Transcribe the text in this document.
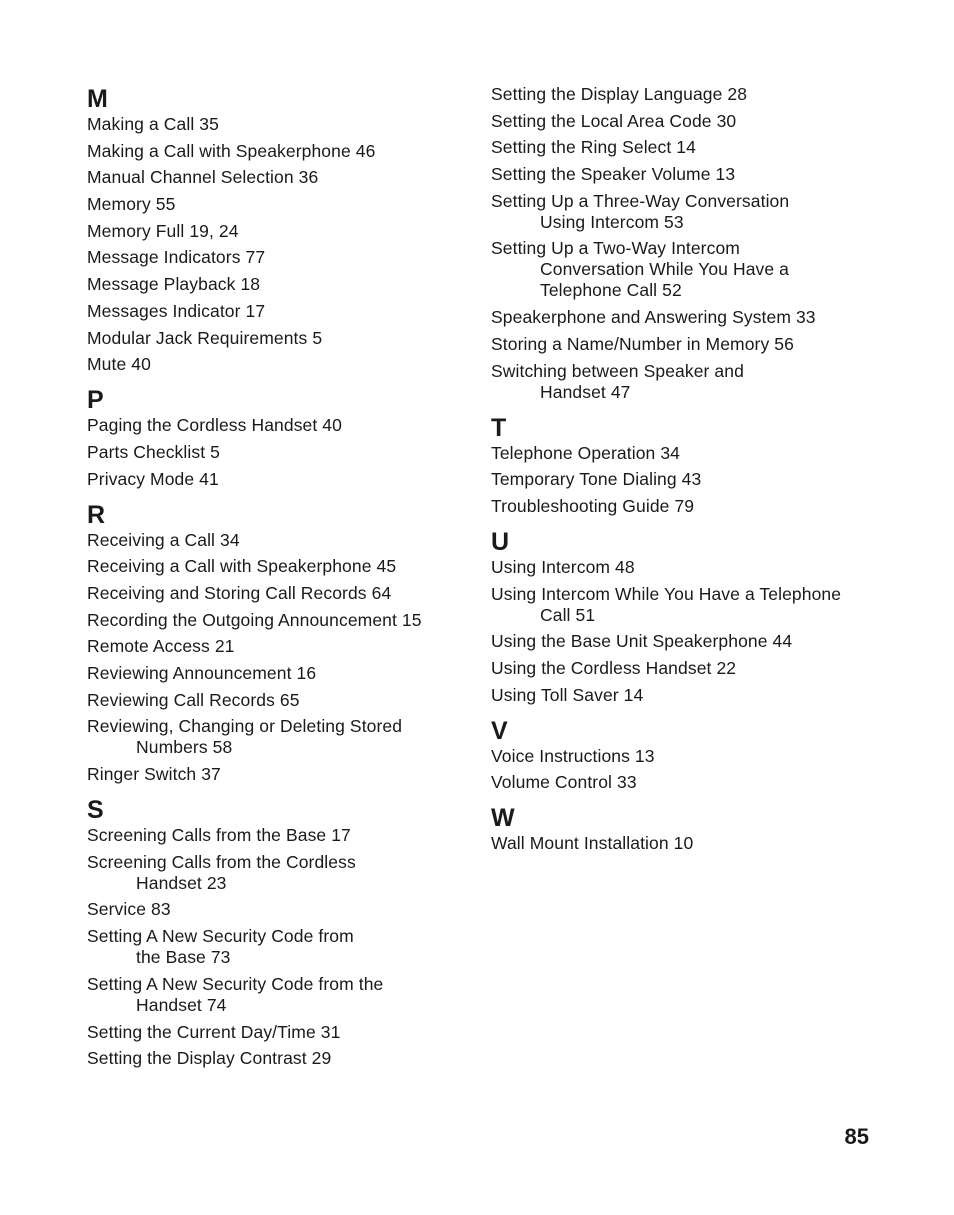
M
Making a Call 35
Making a Call with Speakerphone 46
Manual Channel Selection 36
Memory 55
Memory Full 19, 24
Message Indicators 77
Message Playback 18
Messages Indicator 17
Modular Jack Requirements 5
Mute 40
P
Paging the Cordless Handset 40
Parts Checklist 5
Privacy Mode 41
R
Receiving a Call 34
Receiving a Call with Speakerphone 45
Receiving and Storing Call Records 64
Recording the Outgoing Announcement 15
Remote Access 21
Reviewing Announcement 16
Reviewing Call Records 65
Reviewing, Changing or Deleting Stored
Numbers 58
Ringer Switch 37
S
Screening Calls from the Base 17
Screening Calls from the Cordless
Handset 23
Service 83
Setting A New Security Code from
the Base 73
Setting A New Security Code from the
Handset 74
Setting the Current Day/Time 31
Setting the Display Contrast 29
Setting the Display Language 28
Setting the Local Area Code 30
Setting the Ring Select 14
Setting the Speaker Volume 13
Setting Up a Three-Way Conversation
Using Intercom 53
Setting Up a Two-Way Intercom
Conversation While You Have a
Telephone Call 52
Speakerphone and Answering System 33
Storing a Name/Number in Memory 56
Switching between Speaker and
Handset 47
T
Telephone Operation 34
Temporary Tone Dialing 43
Troubleshooting Guide 79
U
Using Intercom 48
Using Intercom While You Have a Telephone
Call 51
Using the Base Unit Speakerphone 44
Using the Cordless Handset 22
Using Toll Saver 14
V
Voice Instructions 13
Volume Control 33
W
Wall Mount Installation 10
85
